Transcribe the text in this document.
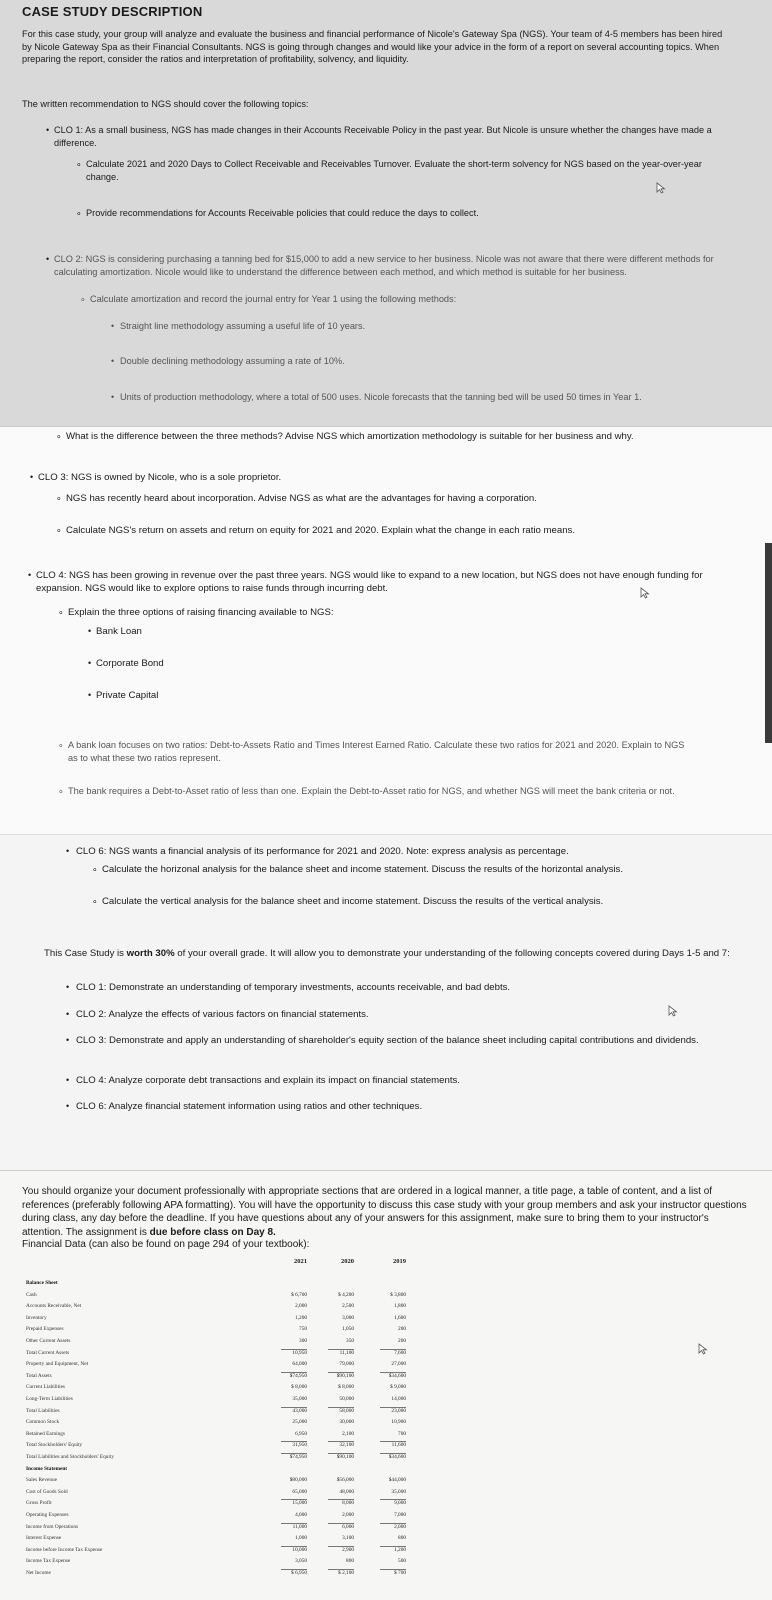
CASE STUDY DESCRIPTION

For this case study, your group will analyze and evaluate the business and financial performance of Nicole's Gateway Spa (NGS). Your team of 4-5 members has been hired by Nicole Gateway Spa as their Financial Consultants. NGS is going through changes and would like your advice in the form of a report on several accounting topics. When preparing the report, consider the ratios and interpretation of profitability, solvency, and liquidity.

The written recommendation to NGS should cover the following topics:

• CLO 1: As a small business, NGS has made changes in their Accounts Receivable Policy in the past year. But Nicole is unsure whether the changes have made a difference.

∘ Calculate 2021 and 2020 Days to Collect Receivable and Receivables Turnover. Evaluate the short-term solvency for NGS based on the year-over-year change.

∘ Provide recommendations for Accounts Receivable policies that could reduce the days to collect.

• CLO 2: NGS is considering purchasing a tanning bed for $15,000 to add a new service to her business. Nicole was not aware that there were different methods for calculating amortization. Nicole would like to understand the difference between each method, and which method is suitable for her business.

∘ Calculate amortization and record the journal entry for Year 1 using the following methods:

• Straight line methodology assuming a useful life of 10 years.

• Double declining methodology assuming a rate of 10%.

• Units of production methodology, where a total of 500 uses. Nicole forecasts that the tanning bed will be used 50 times in Year 1.

∘ What is the difference between the three methods? Advise NGS which amortization methodology is suitable for her business and why.

• CLO 3: NGS is owned by Nicole, who is a sole proprietor.

∘ NGS has recently heard about incorporation. Advise NGS as what are the advantages for having a corporation.

∘ Calculate NGS's return on assets and return on equity for 2021 and 2020. Explain what the change in each ratio means.

• CLO 4: NGS has been growing in revenue over the past three years. NGS would like to expand to a new location, but NGS does not have enough funding for expansion. NGS would like to explore options to raise funds through incurring debt.

∘ Explain the three options of raising financing available to NGS:

• Bank Loan

• Corporate Bond

• Private Capital

∘ A bank loan focuses on two ratios: Debt-to-Assets Ratio and Times Interest Earned Ratio. Calculate these two ratios for 2021 and 2020. Explain to NGS as to what these two ratios represent.

∘ The bank requires a Debt-to-Asset ratio of less than one. Explain the Debt-to-Asset ratio for NGS, and whether NGS will meet the bank criteria or not.

• CLO 6: NGS wants a financial analysis of its performance for 2021 and 2020. Note: express analysis as percentage.

∘ Calculate the horizonal analysis for the balance sheet and income statement. Discuss the results of the horizontal analysis.

∘ Calculate the vertical analysis for the balance sheet and income statement. Discuss the results of the vertical analysis.

This Case Study is worth 30% of your overall grade. It will allow you to demonstrate your understanding of the following concepts covered during Days 1-5 and 7:

• CLO 1: Demonstrate an understanding of temporary investments, accounts receivable, and bad debts.

• CLO 2: Analyze the effects of various factors on financial statements.

• CLO 3: Demonstrate and apply an understanding of shareholder's equity section of the balance sheet including capital contributions and dividends.

• CLO 4: Analyze corporate debt transactions and explain its impact on financial statements.

• CLO 6: Analyze financial statement information using ratios and other techniques.

You should organize your document professionally with appropriate sections that are ordered in a logical manner, a title page, a table of content, and a list of references (preferably following APA formatting). You will have the opportunity to discuss this case study with your group members and ask your instructor questions during class, any day before the deadline. If you have questions about any of your answers for this assignment, make sure to bring them to your instructor's attention. The assignment is due before class on Day 8.

Financial Data (can also be found on page 294 of your textbook):

2021	2020	2019
Balance Sheet
Cash	$ 6,700	$ 4,200	$ 3,800
Accounts Receivable, Net	2,000	2,500	1,800
Inventory	1,200	3,000	1,600
Prepaid Expenses	750	1,050	200
Other Current Assets	300	350	200
Total Current Assets	10,950	11,100	7,600
Property and Equipment, Net	64,000	79,000	27,000
Total Assets	$74,950	$90,100	$34,600
Current Liabilities	$ 8,000	$ 8,000	$ 9,000
Long-Term Liabilities	35,000	50,000	14,000
Total Liabilities	43,000	58,000	23,000
Common Stock	25,000	30,000	10,900
Retained Earnings	6,950	2,100	700
Total Stockholders' Equity	31,950	32,100	11,600
Total Liabilities and Stockholders' Equity	$74,950	$90,100	$34,600
Income Statement
Sales Revenue	$80,000	$56,000	$44,000
Cost of Goods Sold	65,000	48,000	35,000
Gross Profit	15,000	8,000	9,000
Operating Expenses	4,000	2,000	7,000
Income from Operations	11,000	6,000	2,000
Interest Expense	1,000	3,100	800
Income before Income Tax Expense	10,000	2,900	1,200
Income Tax Expense	3,050	800	500
Net Income	$ 6,950	$ 2,100	$ 700
